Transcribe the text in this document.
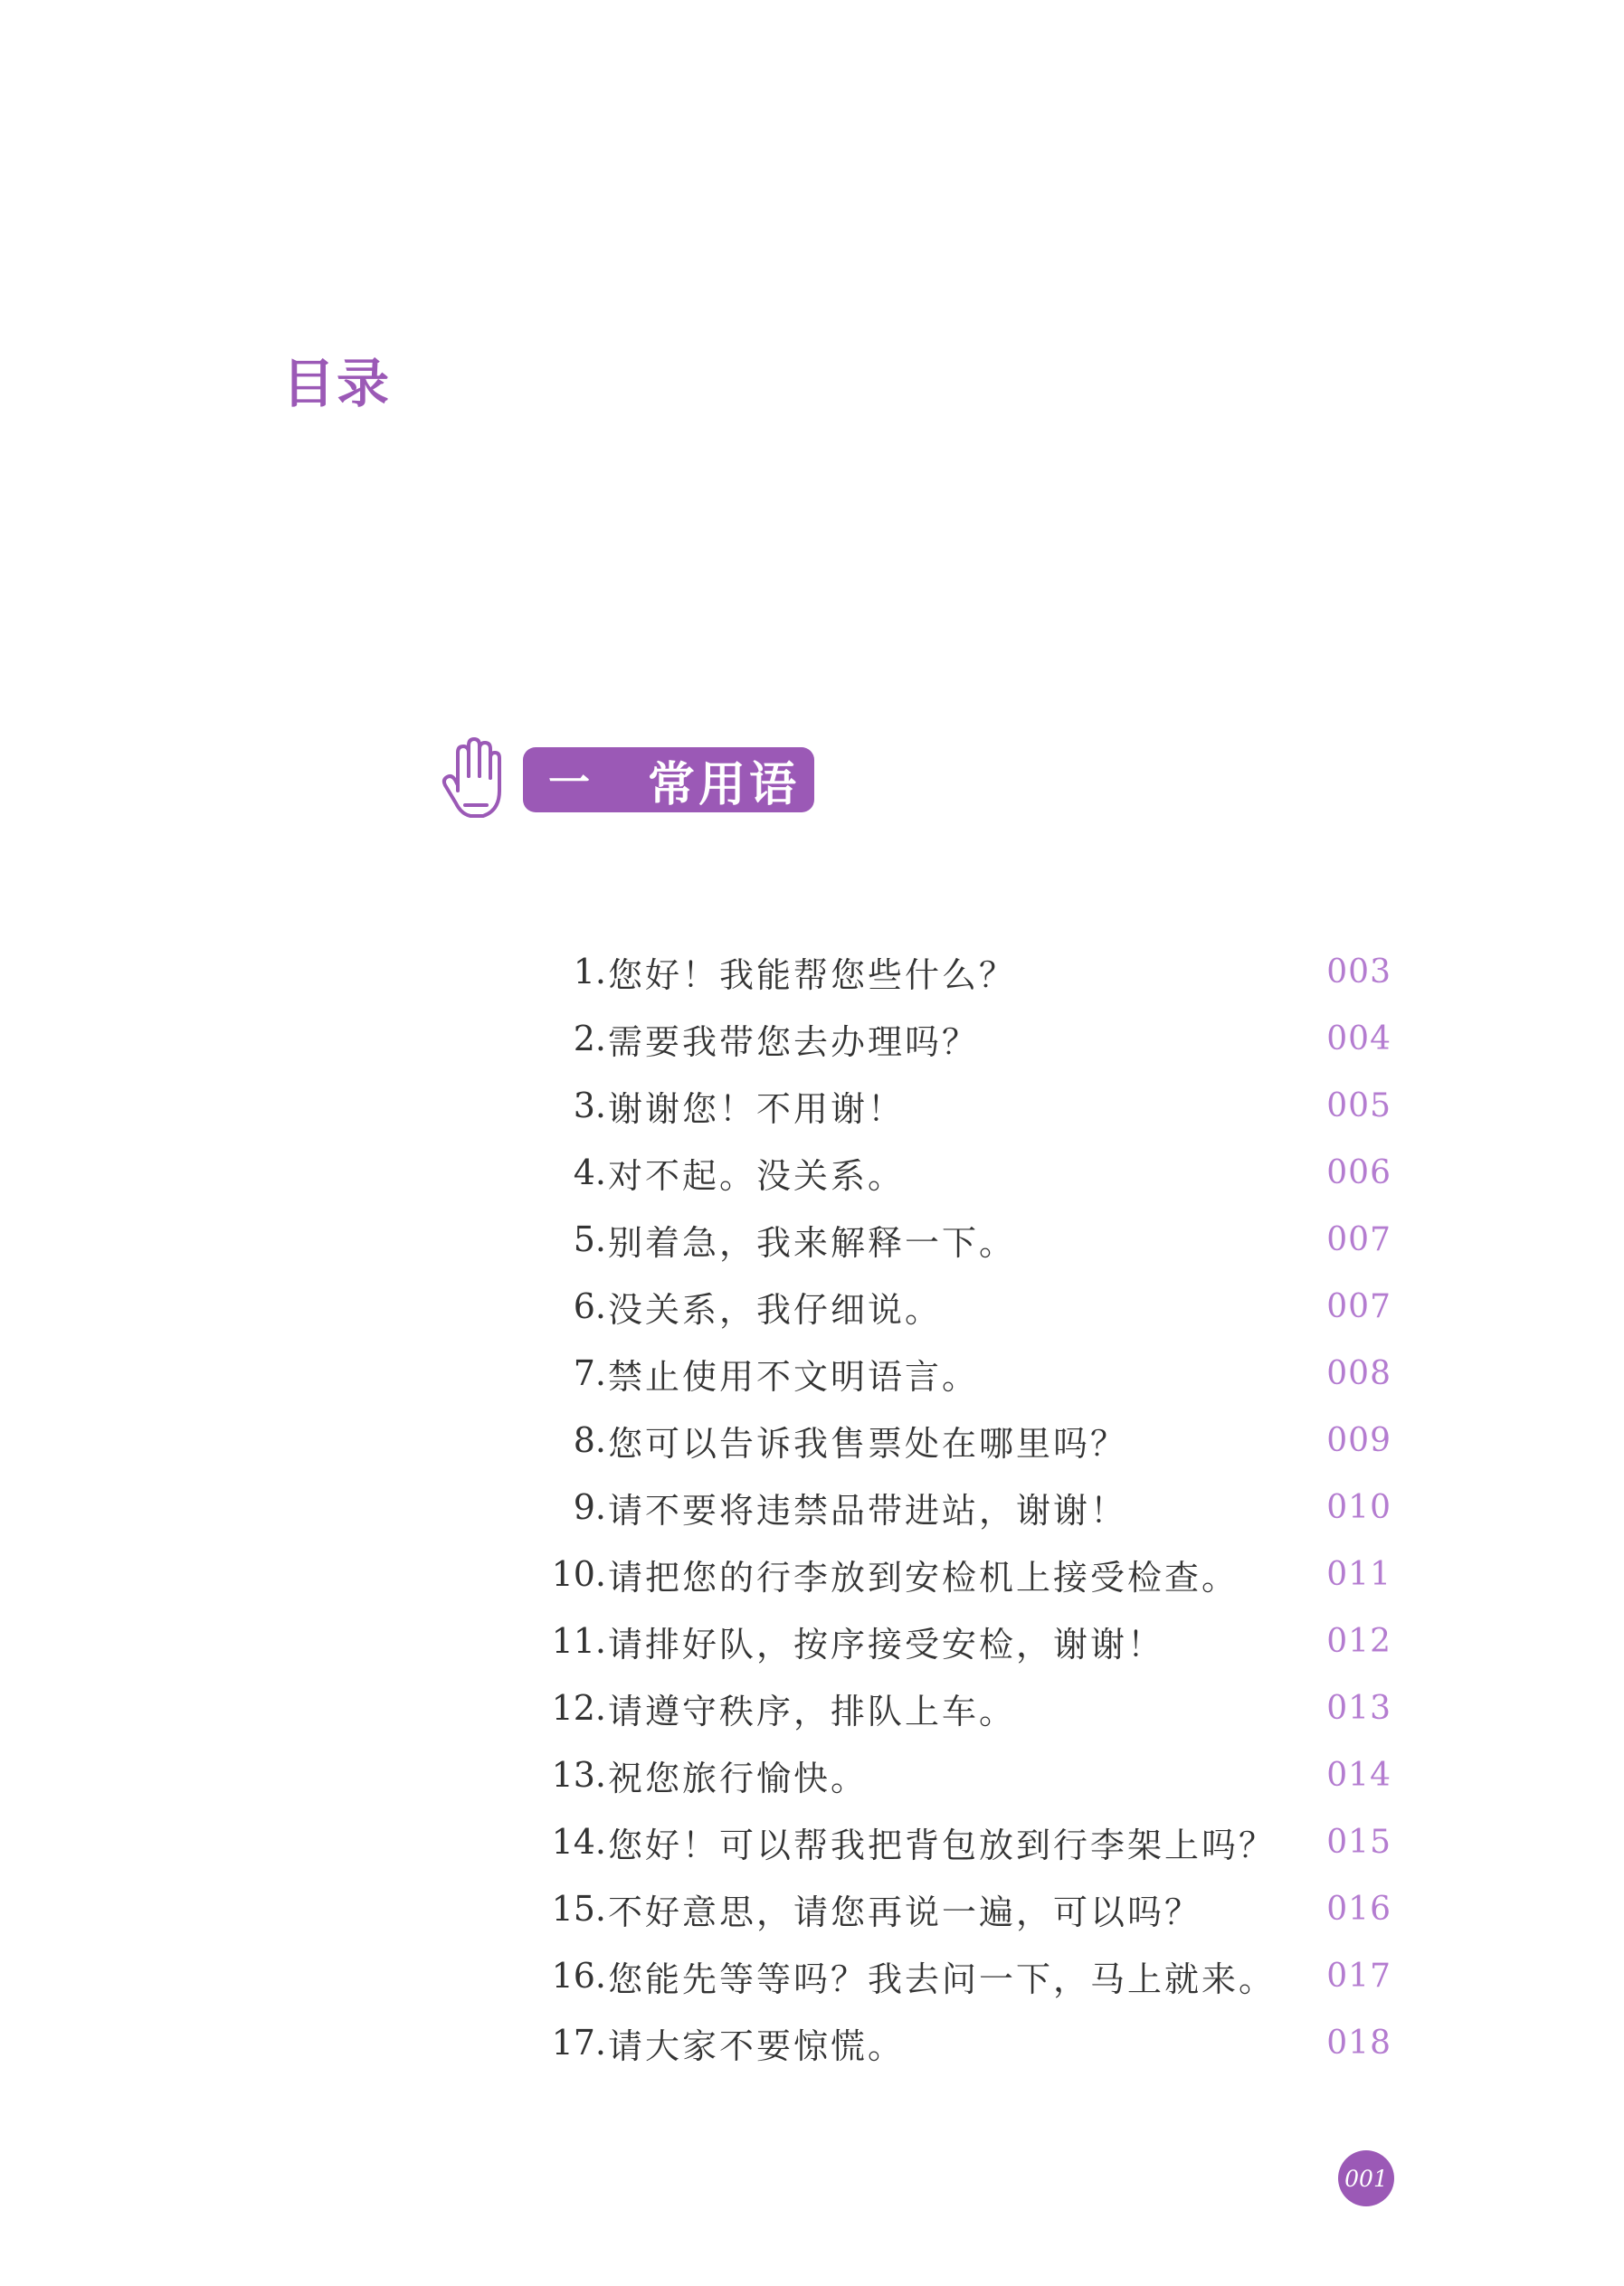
目录
一	常用语
1. 您好！我能帮您些什么？	003
2. 需要我带您去办理吗？	004
3. 谢谢您！不用谢！	005
4. 对不起。没关系。	006
5. 别着急，我来解释一下。	007
6. 没关系，我仔细说。	007
7. 禁止使用不文明语言。	008
8. 您可以告诉我售票处在哪里吗？	009
9. 请不要将违禁品带进站，谢谢！	010
10. 请把您的行李放到安检机上接受检查。	011
11. 请排好队，按序接受安检，谢谢！	012
12. 请遵守秩序，排队上车。	013
13. 祝您旅行愉快。	014
14. 您好！可以帮我把背包放到行李架上吗？	015
15. 不好意思，请您再说一遍，可以吗？	016
16. 您能先等等吗？我去问一下，马上就来。	017
17. 请大家不要惊慌。	018
001
